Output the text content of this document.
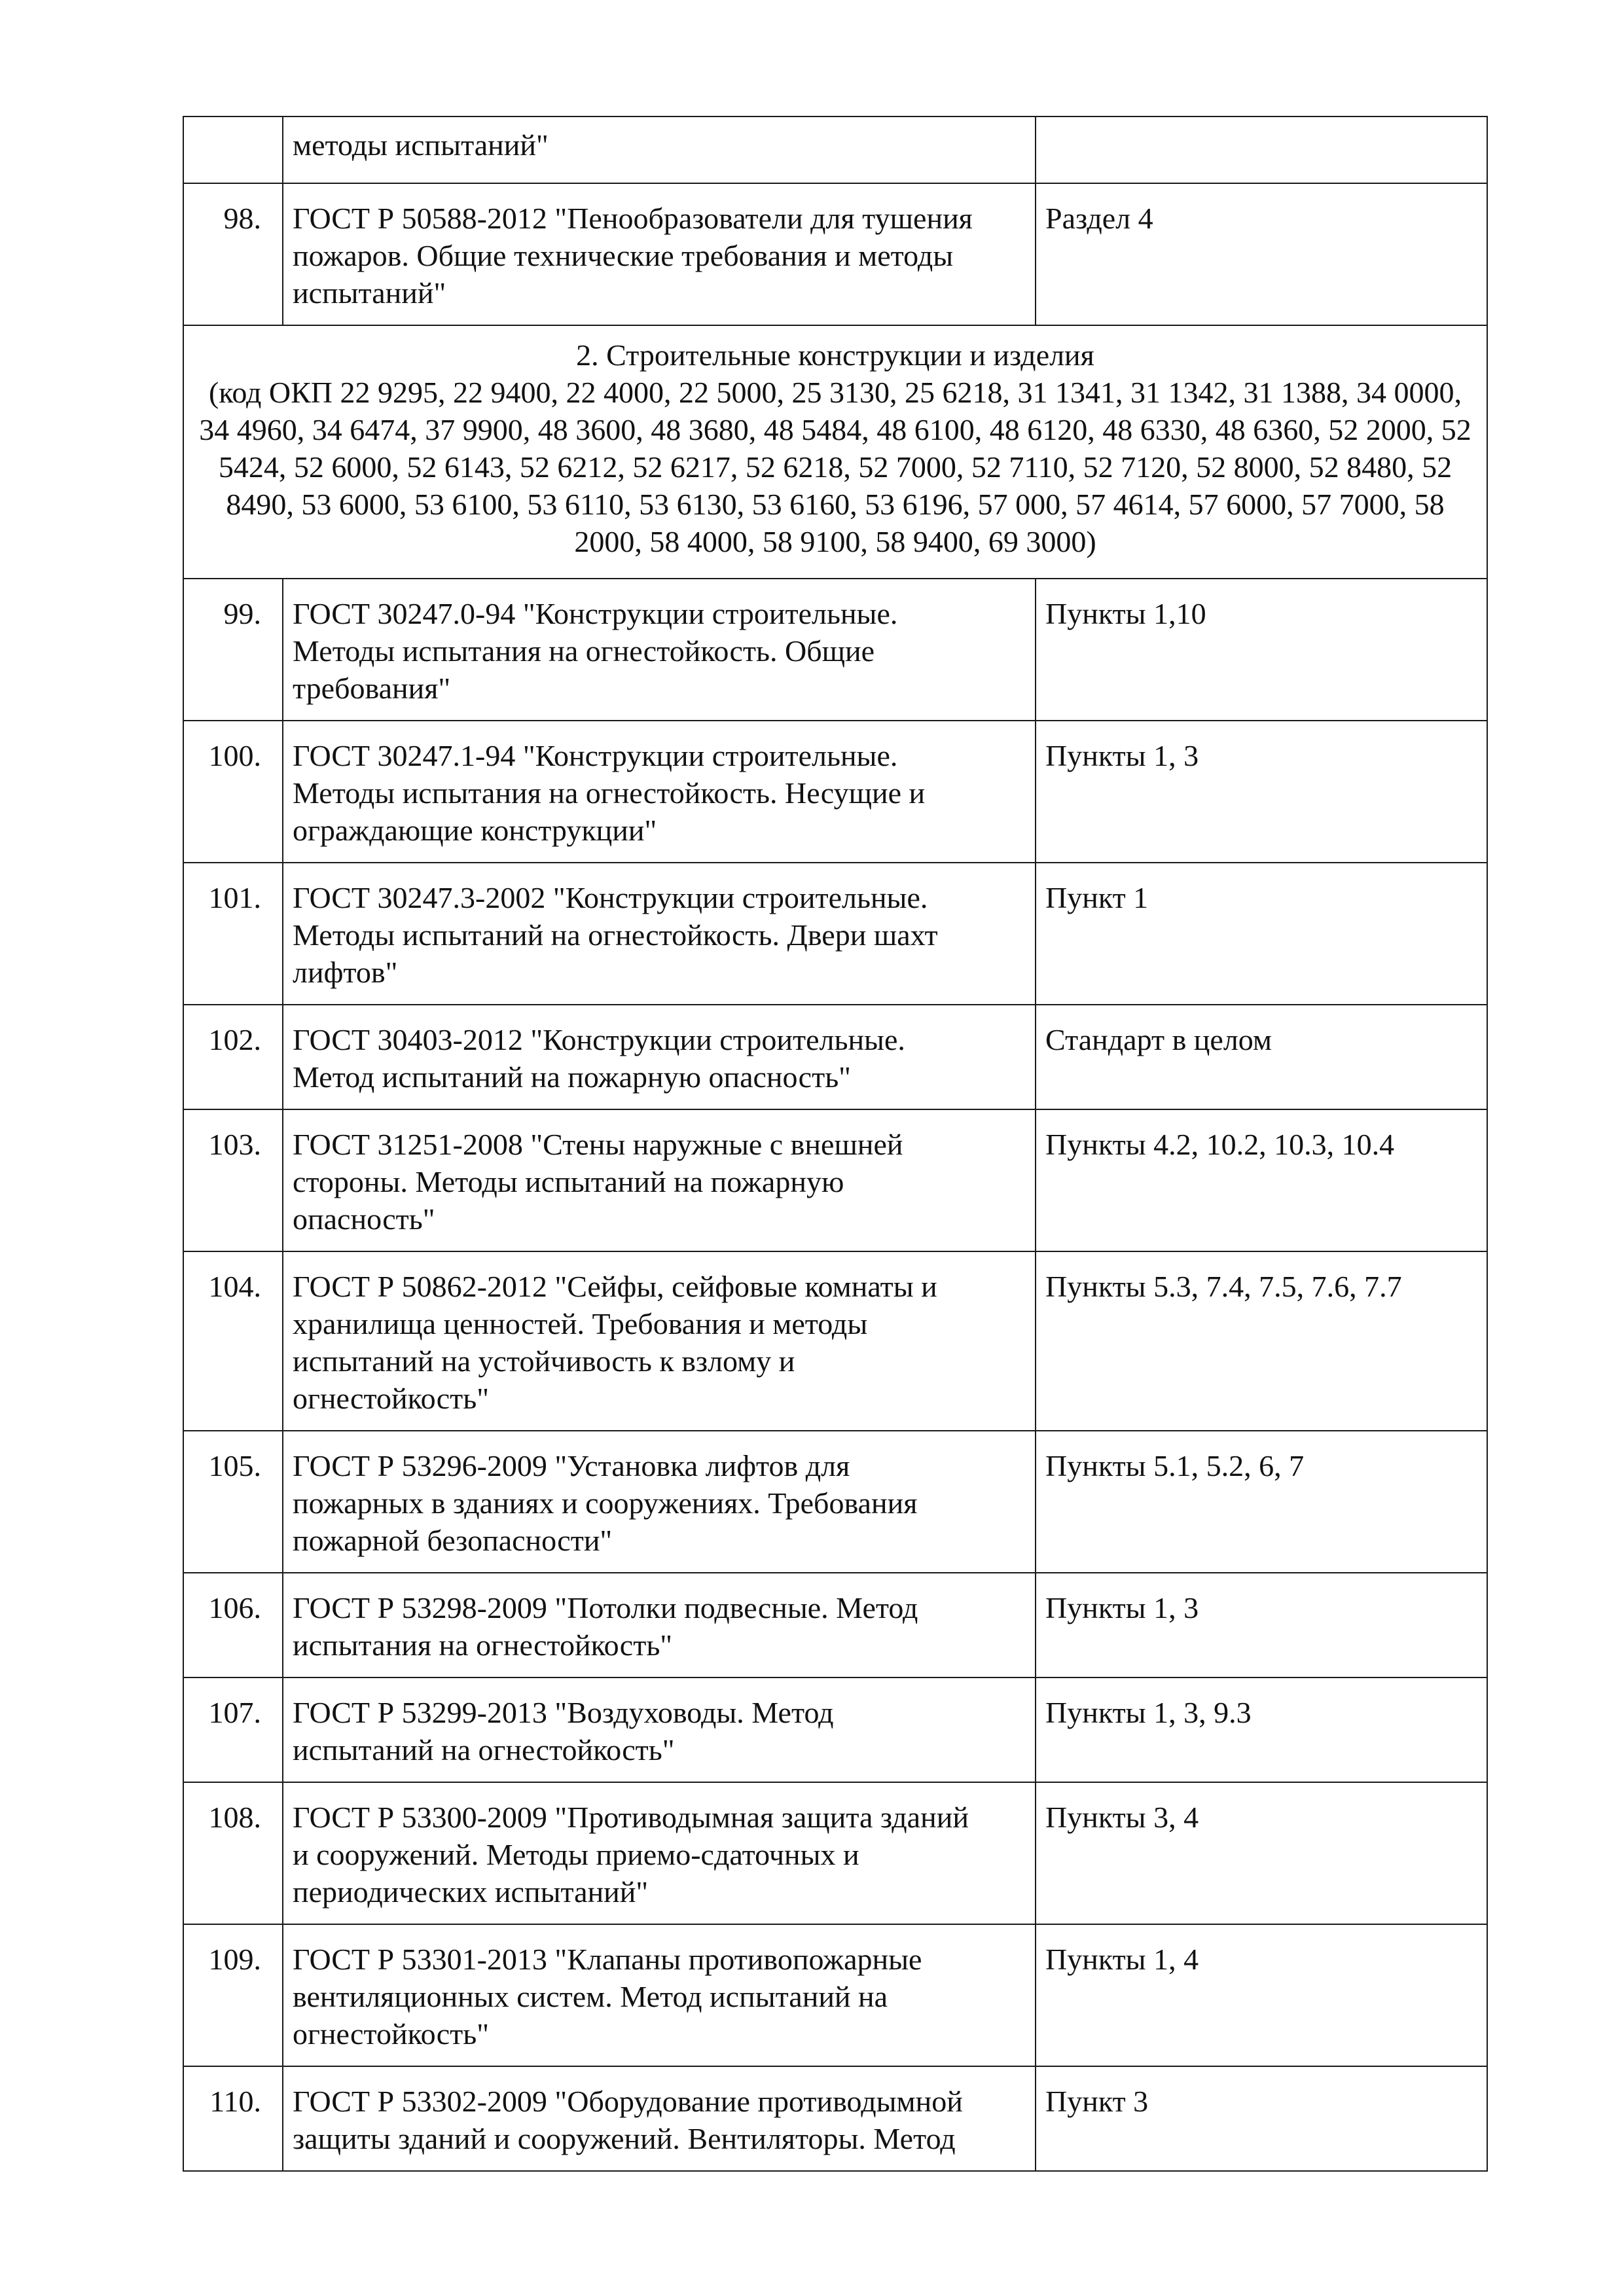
	методы испытаний"	
98.	ГОСТ Р 50588-2012 "Пенообразователи для тушения
пожаров. Общие технические требования и методы
испытаний"	Раздел 4

2. Строительные конструкции и изделия
(код ОКП 22 9295, 22 9400, 22 4000, 22 5000, 25 3130, 25 6218, 31 1341, 31 1342, 31 1388, 34 0000, 34 4960, 34 6474, 37 9900, 48 3600, 48 3680, 48 5484, 48 6100, 48 6120, 48 6330, 48 6360, 52 2000, 52 5424, 52 6000, 52 6143, 52 6212, 52 6217, 52 6218, 52 7000, 52 7110, 52 7120, 52 8000, 52 8480, 52 8490, 53 6000, 53 6100, 53 6110, 53 6130, 53 6160, 53 6196, 57 000, 57 4614, 57 6000, 57 7000, 58 2000, 58 4000, 58 9100, 58 9400, 69 3000)		

99.	ГОСТ 30247.0-94 "Конструкции строительные.
Методы испытания на огнестойкость. Общие
требования"	Пункты 1,10
100.	ГОСТ 30247.1-94 "Конструкции строительные.
Методы испытания на огнестойкость. Несущие и
ограждающие конструкции"	Пункты 1, 3
101.	ГОСТ 30247.3-2002 "Конструкции строительные.
Методы испытаний на огнестойкость. Двери шахт
лифтов"	Пункт 1
102.	ГОСТ 30403-2012 "Конструкции строительные.
Метод испытаний на пожарную опасность"	Стандарт в целом
103.	ГОСТ 31251-2008 "Стены наружные с внешней
стороны. Методы испытаний на пожарную
опасность"	Пункты 4.2, 10.2, 10.3, 10.4
104.	ГОСТ Р 50862-2012 "Сейфы, сейфовые комнаты и
хранилища ценностей. Требования и методы
испытаний на устойчивость к взлому и
огнестойкость"	Пункты 5.3, 7.4, 7.5, 7.6, 7.7
105.	ГОСТ Р 53296-2009 "Установка лифтов для
пожарных в зданиях и сооружениях. Требования
пожарной безопасности"	Пункты 5.1, 5.2, 6, 7
106.	ГОСТ Р 53298-2009 "Потолки подвесные. Метод
испытания на огнестойкость"	Пункты 1, 3
107.	ГОСТ Р 53299-2013 "Воздуховоды. Метод
испытаний на огнестойкость"	Пункты 1, 3, 9.3
108.	ГОСТ Р 53300-2009 "Противодымная защита зданий
и сооружений. Методы приемо-сдаточных и
периодических испытаний"	Пункты 3, 4
109.	ГОСТ Р 53301-2013 "Клапаны противопожарные
вентиляционных систем. Метод испытаний на
огнестойкость"	Пункты 1, 4
110.	ГОСТ Р 53302-2009 "Оборудование противодымной
защиты зданий и сооружений. Вентиляторы. Метод	Пункт 3
